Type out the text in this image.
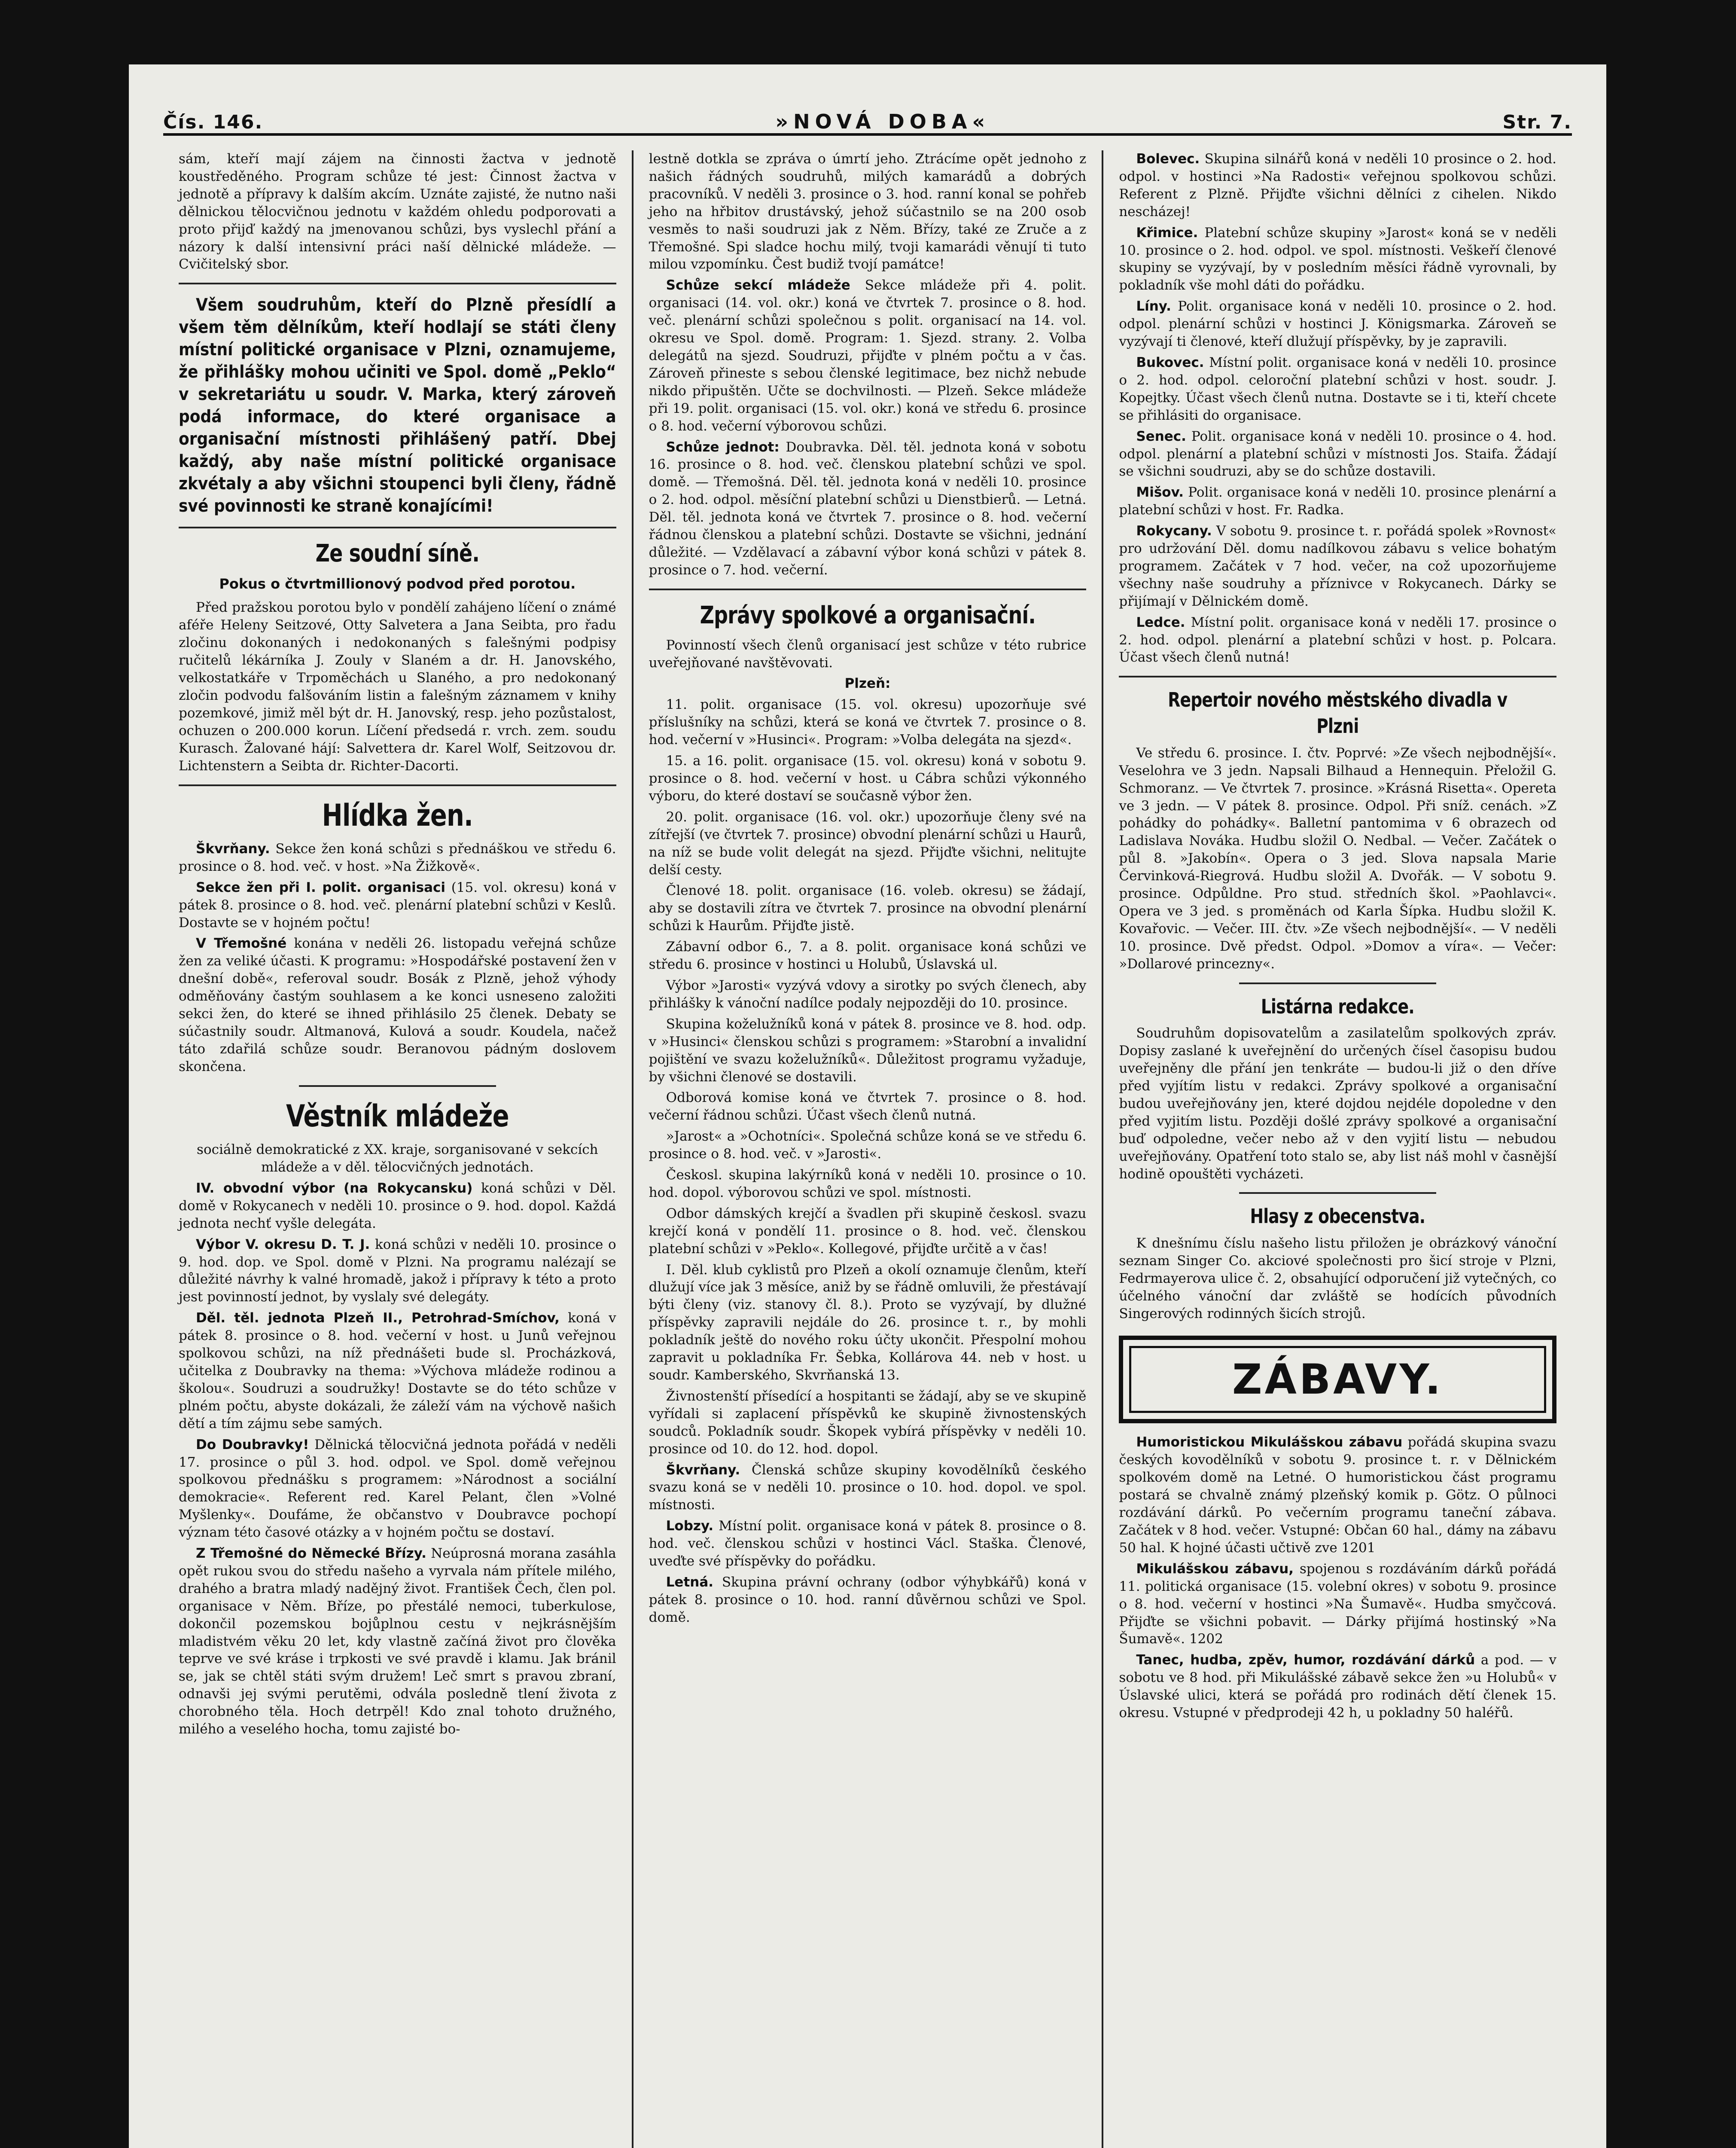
Čís. 146.	»NOVÁ DOBA«	Str. 7.

sám, kteří mají zájem na činnosti žactva v jednotě koustředěného. Program schůze té jest: Činnost žactva v jednotě a přípravy k dalším akcím. Uznáte zajisté, že nutno naši dělnickou tělocvičnou jednotu v každém ohledu podporovati a proto přijď každý na jmenovanou schůzi, bys vyslechl přání a názory k další intensivní práci naší dělnické mládeže. — Cvičitelský sbor.

Všem soudruhům, kteří do Plzně přesídlí a všem těm dělníkům, kteří hodlají se státi členy místní politické organisace v Plzni, oznamujeme, že přihlášky mohou učiniti ve Spol. domě „Peklo“ v sekretariátu u soudr. V. Marka, který zároveň podá informace, do které organisace a organisační místnosti přihlášený patří. Dbej každý, aby naše místní politické organisace zkvétaly a aby všichni stoupenci byli členy, řádně své povinnosti ke straně konajícími!

Ze soudní síně.
Pokus o čtvrtmillionový podvod před porotou.

Před pražskou porotou bylo v pondělí zahájeno líčení o známé aféře Heleny Seitzové, Otty Salvetera a Jana Seibta, pro řadu zločinu dokonaných i nedokonaných s falešnými podpisy ručitelů lékárníka J. Zouly v Slaném a dr. H. Janovského, velkostatkáře v Trpoměchách u Slaného, a pro nedokonaný zločin podvodu falšováním listin a falešným záznamem v knihy pozemkové, jimiž měl být dr. H. Janovský, resp. jeho pozůstalost, ochuzen o 200.000 korun. Líčení předsedá r. vrch. zem. soudu Kurasch. Žalované hájí: Salvettera dr. Karel Wolf, Seitzovou dr. Lichtenstern a Seibta dr. Richter-Dacorti.

Hlídka žen.

Škvrňany. Sekce žen koná schůzi s přednáškou ve středu 6. prosince o 8. hod. več. v host. »Na Žižkově«.

Sekce žen při I. polit. organisaci (15. vol. okresu) koná v pátek 8. prosince o 8. hod. več. plenární platební schůzi v Keslů. Dostavte se v hojném počtu!

V Třemošné konána v neděli 26. listopadu veřejná schůze žen za veliké účasti. K programu: »Hospodářské postavení žen v dnešní době«, referoval soudr. Bosák z Plzně, jehož výhody odměňovány častým souhlasem a ke konci usneseno založiti sekci žen, do které se ihned přihlásilo 25 členek. Debaty se súčastnily soudr. Altmanová, Kulová a soudr. Koudela, načež táto zdařilá schůze soudr. Beranovou pádným doslovem skončena.

Věstník mládeže

sociálně demokratické z XX. kraje, sorganisované v sekcích mládeže a v děl. tělocvičných jednotách.

IV. obvodní výbor (na Rokycansku) koná schůzi v Děl. domě v Rokycanech v neděli 10. prosince o 9. hod. dopol. Každá jednota nechť vyšle delegáta.

Výbor V. okresu D. T. J. koná schůzi v neděli 10. prosince o 9. hod. dop. ve Spol. domě v Plzni. Na programu nalézají se důležité návrhy k valné hromadě, jakož i přípravy k této a proto jest povinností jednot, by vyslaly své delegáty.

Děl. těl. jednota Plzeň II., Petrohrad-Smíchov, koná v pátek 8. prosince o 8. hod. večerní v host. u Junů veřejnou spolkovou schůzi, na níž přednášeti bude sl. Procházková, učitelka z Doubravky na thema: »Výchova mládeže rodinou a školou«. Soudruzi a soudružky! Dostavte se do této schůze v plném počtu, abyste dokázali, že záleží vám na výchově našich dětí a tím zájmu sebe samých.

Do Doubravky! Dělnická tělocvičná jednota pořádá v neděli 17. prosince o půl 3. hod. odpol. ve Spol. domě veřejnou spolkovou přednášku s programem: »Národnost a sociální demokracie«. Referent red. Karel Pelant, člen »Volné Myšlenky«. Doufáme, že občanstvo v Doubravce pochopí význam této časové otázky a v hojném počtu se dostaví.

Z Třemošné do Německé Břízy. Neúprosná morana zasáhla opět rukou svou do středu našeho a vyrvala nám přítele milého, drahého a bratra mladý nadějný život. František Čech, člen pol. organisace v Něm. Bříze, po přestálé nemoci, tuberkulose, dokončil pozemskou bojůplnou cestu v nejkrásnějším mladistvém věku 20 let, kdy vlastně začíná život pro člověka teprve ve své kráse i trpkosti ve své pravdě i klamu. Jak bránil se, jak se chtěl státi svým družem! Leč smrt s pravou zbraní, odnavši jej svými perutěmi, odvála posledně tlení života z chorobného těla. Hoch detrpěl! Kdo znal tohoto družného, milého a veselého hocha, tomu zajisté bo-

lestně dotkla se zpráva o úmrtí jeho. Ztrácíme opět jednoho z našich řádných soudruhů, milých kamarádů a dobrých pracovníků. V neděli 3. prosince o 3. hod. ranní konal se pohřeb jeho na hřbitov drustávský, jehož súčastnilo se na 200 osob vesměs to naši soudruzi jak z Něm. Břízy, také ze Zruče a z Třemošné. Spi sladce hochu milý, tvoji kamarádi věnují ti tuto milou vzpomínku. Čest budiž tvojí památce!

Schůze sekcí mládeže Sekce mládeže při 4. polit. organisaci (14. vol. okr.) koná ve čtvrtek 7. prosince o 8. hod. več. plenární schůzi společnou s polit. organisací na 14. vol. okresu ve Spol. domě. Program: 1. Sjezd. strany. 2. Volba delegátů na sjezd. Soudruzi, přijďte v plném počtu a v čas. Zároveň přineste s sebou členské legitimace, bez nichž nebude nikdo připuštěn. Učte se dochvilnosti. — Plzeň. Sekce mládeže při 19. polit. organisaci (15. vol. okr.) koná ve středu 6. prosince o 8. hod. večerní výborovou schůzi.

Schůze jednot: Doubravka. Děl. těl. jednota koná v sobotu 16. prosince o 8. hod. več. členskou platební schůzi ve spol. domě. — Třemošná. Děl. těl. jednota koná v neděli 10. prosince o 2. hod. odpol. měsíční platební schůzi u Dienstbierů. — Letná. Děl. těl. jednota koná ve čtvrtek 7. prosince o 8. hod. večerní řádnou členskou a platební schůzi. Dostavte se všichni, jednání důležité. — Vzdělavací a zábavní výbor koná schůzi v pátek 8. prosince o 7. hod. večerní.

Zprávy spolkové a organisační.

Povinností všech členů organisací jest schůze v této rubrice uveřejňované navštěvovati.

Plzeň:

11. polit. organisace (15. vol. okresu) upozorňuje své příslušníky na schůzi, která se koná ve čtvrtek 7. prosince o 8. hod. večerní v »Husinci«. Program: »Volba delegáta na sjezd«.

15. a 16. polit. organisace (15. vol. okresu) koná v sobotu 9. prosince o 8. hod. večerní v host. u Cábra schůzi výkonného výboru, do které dostaví se současně výbor žen.

20. polit. organisace (16. vol. okr.) upozorňuje členy své na zítřejší (ve čtvrtek 7. prosince) obvodní plenární schůzi u Haurů, na níž se bude volit delegát na sjezd. Přijďte všichni, nelitujte delší cesty.

Členové 18. polit. organisace (16. voleb. okresu) se žádají, aby se dostavili zítra ve čtvrtek 7. prosince na obvodní plenární schůzi k Haurům. Přijďte jistě.

Zábavní odbor 6., 7. a 8. polit. organisace koná schůzi ve středu 6. prosince v hostinci u Holubů, Úslavská ul.

Výbor »Jarosti« vyzývá vdovy a sirotky po svých členech, aby přihlášky k vánoční nadílce podaly nejpozději do 10. prosince.

Skupina koželužníků koná v pátek 8. prosince ve 8. hod. odp. v »Husinci« členskou schůzi s programem: »Starobní a invalidní pojištění ve svazu koželužníků«. Důležitost programu vyžaduje, by všichni členové se dostavili.

Odborová komise koná ve čtvrtek 7. prosince o 8. hod. večerní řádnou schůzi. Účast všech členů nutná.

»Jarost« a »Ochotníci«. Společná schůze koná se ve středu 6. prosince o 8. hod. več. v »Jarosti«.

Českosl. skupina lakýrníků koná v neděli 10. prosince o 10. hod. dopol. výborovou schůzi ve spol. místnosti.

Odbor dámských krejčí a švadlen při skupině českosl. svazu krejčí koná v pondělí 11. prosince o 8. hod. več. členskou platební schůzi v »Peklo«. Kollegové, přijďte určitě a v čas!

I. Děl. klub cyklistů pro Plzeň a okolí oznamuje členům, kteří dlužují více jak 3 měsíce, aniž by se řádně omluvili, že přestávají býti členy (viz. stanovy čl. 8.). Proto se vyzývají, by dlužné příspěvky zapravili nejdále do 26. prosince t. r., by mohli pokladník ještě do nového roku účty ukončit. Přespolní mohou zapravit u pokladníka Fr. Šebka, Kollárova 44. neb v host. u soudr. Kamberského, Skvrňanská 13.

Živnostenští přísedící a hospitanti se žádají, aby se ve skupině vyřídali si zaplacení příspěvků ke skupině živnostenských soudců. Pokladník soudr. Škopek vybírá příspěvky v neděli 10. prosince od 10. do 12. hod. dopol.

Škvrňany. Členská schůze skupiny kovodělníků českého svazu koná se v neděli 10. prosince o 10. hod. dopol. ve spol. místnosti.

Lobzy. Místní polit. organisace koná v pátek 8. prosince o 8. hod. več. členskou schůzi v hostinci Václ. Staška. Členové, uveďte své příspěvky do pořádku.

Letná. Skupina právní ochrany (odbor výhybkářů) koná v pátek 8. prosince o 10. hod. ranní důvěrnou schůzi ve Spol. domě.

Bolevec. Skupina silnářů koná v neděli 10 prosince o 2. hod. odpol. v hostinci »Na Radosti« veřejnou spolkovou schůzi. Referent z Plzně. Přijďte všichni dělníci z cihelen. Nikdo nescházej!

Křimice. Platební schůze skupiny »Jarost« koná se v neděli 10. prosince o 2. hod. odpol. ve spol. místnosti. Veškeří členové skupiny se vyzývají, by v posledním měsíci řádně vyrovnali, by pokladník vše mohl dáti do pořádku.

Líny. Polit. organisace koná v neděli 10. prosince o 2. hod. odpol. plenární schůzi v hostinci J. Königsmarka. Zároveň se vyzývají ti členové, kteří dlužují příspěvky, by je zapravili.

Bukovec. Místní polit. organisace koná v neděli 10. prosince o 2. hod. odpol. celoroční platební schůzi v host. soudr. J. Kopejtky. Účast všech členů nutna. Dostavte se i ti, kteří chcete se přihlásiti do organisace.

Senec. Polit. organisace koná v neděli 10. prosince o 4. hod. odpol. plenární a platební schůzi v místnosti Jos. Staifa. Žádají se všichni soudruzi, aby se do schůze dostavili.

Mišov. Polit. organisace koná v neděli 10. prosince plenární a platební schůzi v host. Fr. Radka.

Rokycany. V sobotu 9. prosince t. r. pořádá spolek »Rovnost« pro udržování Děl. domu nadílkovou zábavu s velice bohatým programem. Začátek v 7 hod. večer, na což upozorňujeme všechny naše soudruhy a příznivce v Rokycanech. Dárky se přijímají v Dělnickém domě.

Ledce. Místní polit. organisace koná v neděli 17. prosince o 2. hod. odpol. plenární a platební schůzi v host. p. Polcara. Účast všech členů nutná!

Repertoir nového městského divadla v Plzni

Ve středu 6. prosince. I. čtv. Poprvé: »Ze všech nejbodnější«. Veselohra ve 3 jedn. Napsali Bilhaud a Hennequin. Přeložil G. Schmoranz. — Ve čtvrtek 7. prosince. »Krásná Risetta«. Opereta ve 3 jedn. — V pátek 8. prosince. Odpol. Při sníž. cenách. »Z pohádky do pohádky«. Balletní pantomima v 6 obrazech od Ladislava Nováka. Hudbu složil O. Nedbal. — Večer. Začátek o půl 8. »Jakobín«. Opera o 3 jed. Slova napsala Marie Červinková-Riegrová. Hudbu složil A. Dvořák. — V sobotu 9. prosince. Odpůldne. Pro stud. středních škol. »Paohlavci«. Opera ve 3 jed. s proměnách od Karla Šípka. Hudbu složil K. Kovařovic. — Večer. III. čtv. »Ze všech nejbodnější«. — V neděli 10. prosince. Dvě předst. Odpol. »Domov a víra«. — Večer: »Dollarové princezny«.

Listárna redakce.

Soudruhům dopisovatelům a zasilatelům spolkových zpráv. Dopisy zaslané k uveřejnění do určených čísel časopisu budou uveřejněny dle přání jen tenkráte — budou-li již o den dříve před vyjítím listu v redakci. Zprávy spolkové a organisační budou uveřejňovány jen, které dojdou nejdéle dopoledne v den před vyjitím listu. Později došlé zprávy spolkové a organisační buď odpoledne, večer nebo až v den vyjití listu — nebudou uveřejňovány. Opatření toto stalo se, aby list náš mohl v časnější hodině opouštěti vycházeti.

Hlasy z obecenstva.

K dnešnímu číslu našeho listu přiložen je obrázkový vánoční seznam Singer Co. akciové společnosti pro šicí stroje v Plzni, Fedrmayerova ulice č. 2, obsahující odporučení již vytečných, co účelného vánoční dar zvláště se hodících původních Singerových rodinných šicích strojů.

ZÁBAVY.

Humoristickou Mikulášskou zábavu pořádá skupina svazu českých kovodělníků v sobotu 9. prosince t. r. v Dělnickém spolkovém domě na Letné. O humoristickou část programu postará se chvalně známý plzeňský komik p. Götz. O půlnoci rozdávání dárků. Po večerním programu taneční zábava. Začátek v 8 hod. večer. Vstupné: Občan 60 hal., dámy na zábavu 50 hal. K hojné účasti učtivě zve 1201

Mikulášskou zábavu, spojenou s rozdáváním dárků pořádá 11. politická organisace (15. volební okres) v sobotu 9. prosince o 8. hod. večerní v hostinci »Na Šumavě«. Hudba smyčcová. Přijďte se všichni pobavit. — Dárky přijímá hostinský »Na Šumavě«. 1202

Tanec, hudba, zpěv, humor, rozdávání dárků a pod. — v sobotu ve 8 hod. při Mikulášské zábavě sekce žen »u Holubů« v Úslavské ulici, která se pořádá pro rodinách dětí členek 15. okresu. Vstupné v předprodeji 42 h, u pokladny 50 haléřů.
